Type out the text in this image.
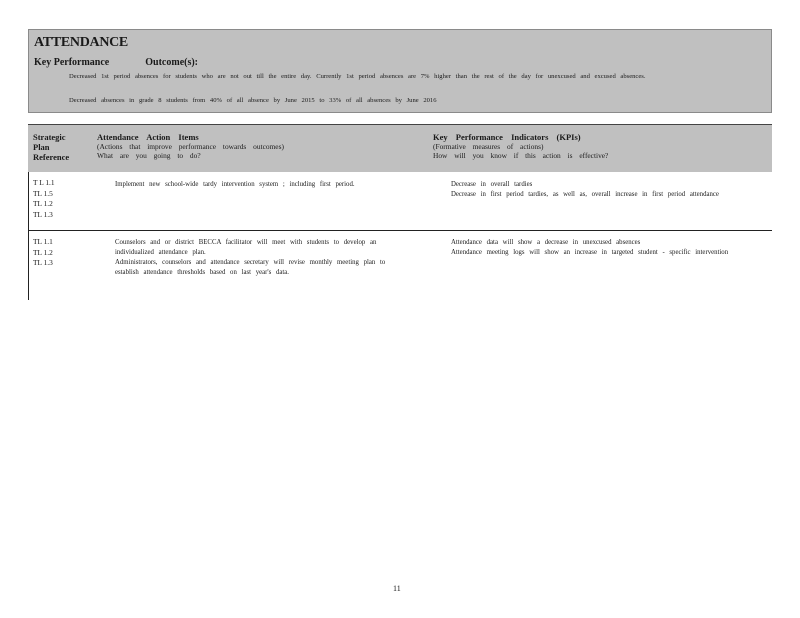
ATTENDANCE
Key Performance	Outcome(s):
Decreased 1st period absences for students who are not out till the entire day. Currently 1st period absences are 7% higher than the rest of the day for unexcused and excused absences.
Decreased absences in grade 8 students from 40% of all absence by June 2015 to 33% of all absences by June 2016
Strategic
Plan
Reference
Attendance Action Items
(Actions that improve performance towards outcomes)
What are you going to do?
Key Performance Indicators (KPIs)
(Formative measures of actions)
How will you know if this action is effective?
T L 1.1
TL 1.5
TL 1.2
TL 1.3
Implement new school-wide tardy intervention system ; including first period.	Decrease in overall tardies
Decrease in first period tardies, as well as, overall increase in first period attendance
TL 1.1
TL 1.2
TL 1.3
Counselors and or district BECCA facilitator will meet with students to develop an individualized attendance plan.
Administrators, counselors and attendance secretary will revise monthly meeting plan to establish attendance thresholds based on last year's data.
Attendance data will show a decrease in unexcused absences
Attendance meeting logs will show an increase in targeted student - specific intervention
11
